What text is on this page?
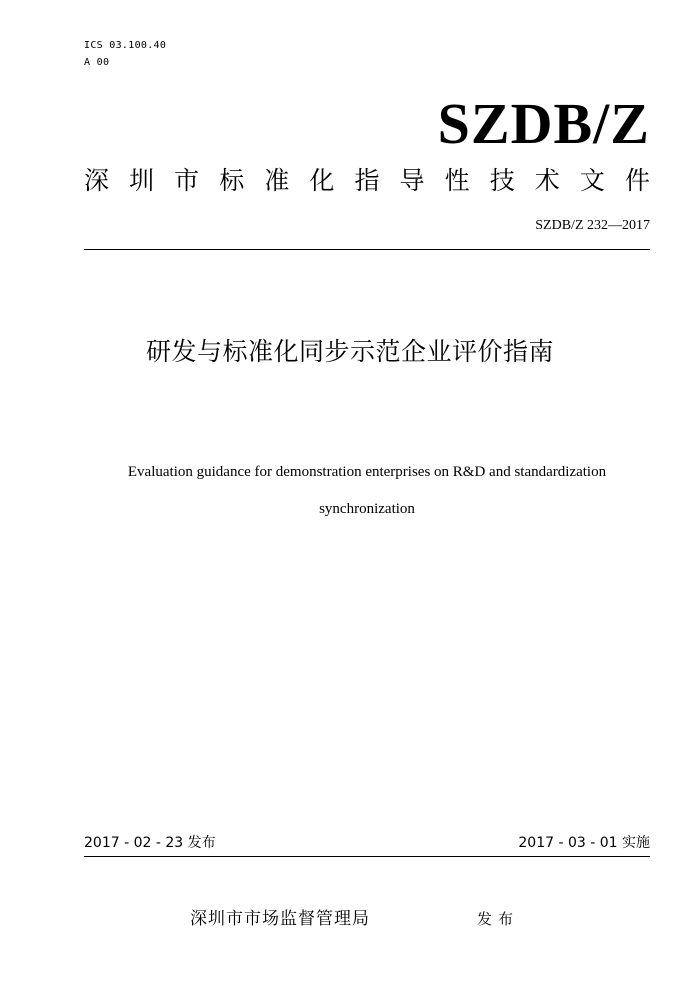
ICS 03.100.40
A 00
SZDB/Z
深 圳 市 标 准 化 指 导 性 技 术 文 件
SZDB/Z 232—2017
研发与标准化同步示范企业评价指南
Evaluation guidance for demonstration enterprises on R&D and standardization
synchronization
2017 - 02 - 23 发布	2017 - 03 - 01 实施
深圳市市场监督管理局	发布
